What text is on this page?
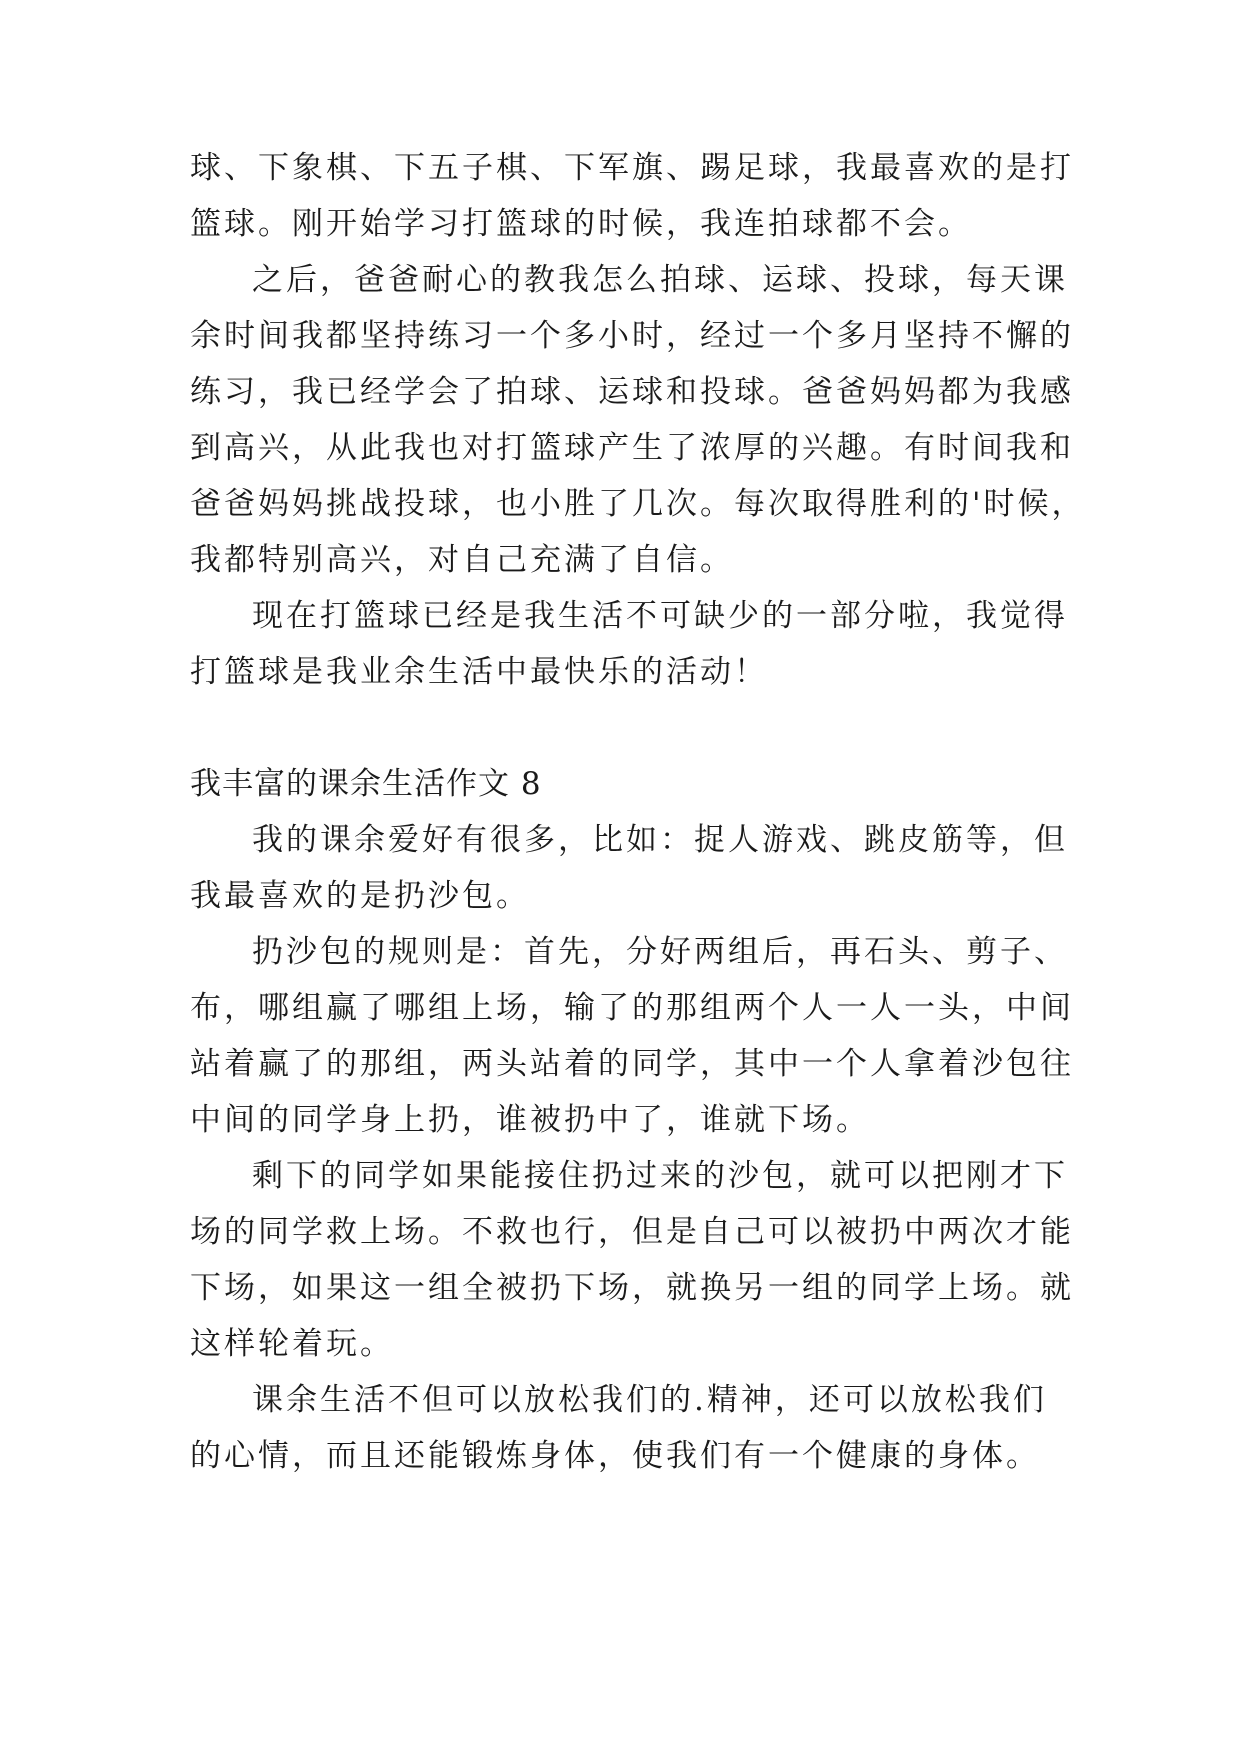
球、下象棋、下五子棋、下军旗、踢足球，我最喜欢的是打
篮球。刚开始学习打篮球的时候，我连拍球都不会。
之后，爸爸耐心的教我怎么拍球、运球、投球，每天课
余时间我都坚持练习一个多小时，经过一个多月坚持不懈的
练习，我已经学会了拍球、运球和投球。爸爸妈妈都为我感
到高兴，从此我也对打篮球产生了浓厚的兴趣。有时间我和
爸爸妈妈挑战投球，也小胜了几次。每次取得胜利的'时候，
我都特别高兴，对自己充满了自信。
现在打篮球已经是我生活不可缺少的一部分啦，我觉得
打篮球是我业余生活中最快乐的活动！
我丰富的课余生活作文 8
我的课余爱好有很多，比如：捉人游戏、跳皮筋等，但
我最喜欢的是扔沙包。
扔沙包的规则是：首先，分好两组后，再石头、剪子、
布，哪组赢了哪组上场，输了的那组两个人一人一头，中间
站着赢了的那组，两头站着的同学，其中一个人拿着沙包往
中间的同学身上扔，谁被扔中了，谁就下场。
剩下的同学如果能接住扔过来的沙包，就可以把刚才下
场的同学救上场。不救也行，但是自己可以被扔中两次才能
下场，如果这一组全被扔下场，就换另一组的同学上场。就
这样轮着玩。
课余生活不但可以放松我们的.精神，还可以放松我们
的心情，而且还能锻炼身体，使我们有一个健康的身体。
